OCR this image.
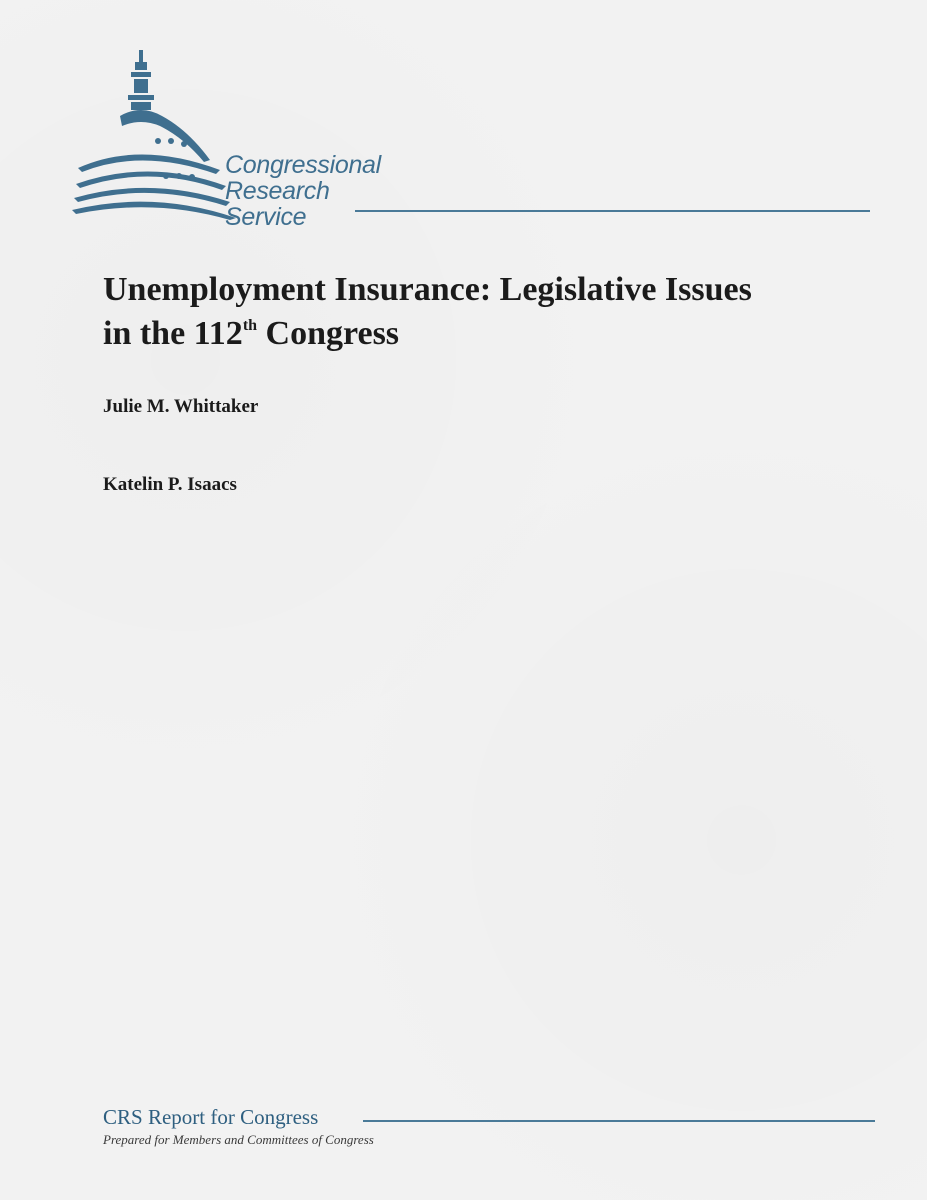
Congressional
Research
Service
Unemployment Insurance: Legislative Issues
in the 112th Congress
Julie M. Whittaker
Katelin P. Isaacs
CRS Report for Congress
Prepared for Members and Committees of Congress
